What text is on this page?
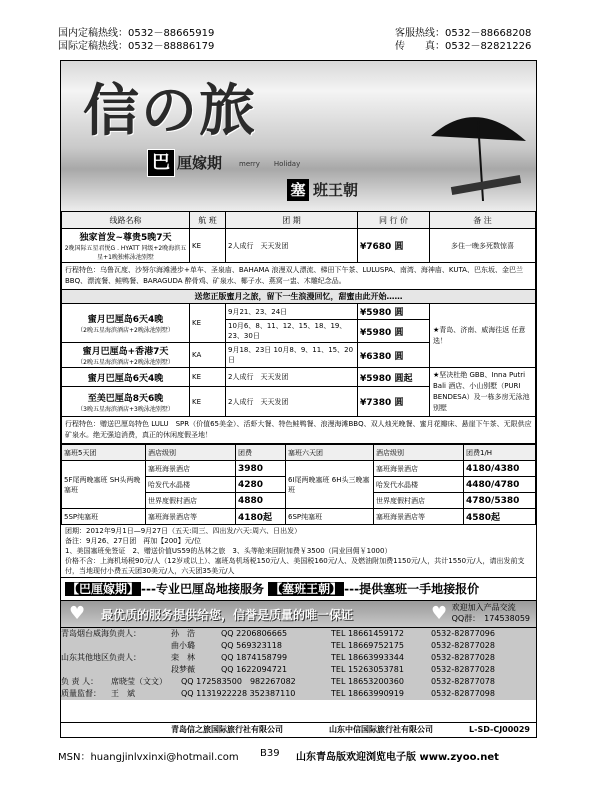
国内定稿热线：0532－88665919
国际定稿热线：0532－88886179
客服热线：0532－88668208
传　　真：0532－82821226
信の旅
巴 厘嫁期 merry　　Holiday
塞 班王朝
线路名称	航 班	团 期	同 行 价	备 注

独家首发~尊贵5晚7天
2晚国际五星君悦G . HYATT 同级+2晚海滨五星+1晚独栋泳池别墅	KE	2人成行　天天发团	¥7680 圆	多住一晚多死数惊喜
行程特色：乌鲁瓦度、沙努尔海滩漫步+单车、圣泉庙、BAHAMA 浪漫双人漂流、梯田下午茶、LULUSPA、南湾、海神庙、KUTA、巴东坂、金巴兰 BBQ、漂流餐、鲑鸭餐、BARAGUDA 醉骨鸡、矿泉水、椰子水、燕窝一盅、木雕纪念品。				
送您正版蜜月之旅，留下一生浪漫回忆，甜蜜由此开始……				

蜜月巴厘岛6天4晚
（2晚五星海滨酒店+2晚泳池别墅）	KE	9月21、23、24日	¥5980 圆	★青岛、济南、威海往返 任意选！
		10月6、8、11、12、15、18、19、23、30日	¥5980 圆	

蜜月巴厘岛+香港7天
（2晚五星海滨酒店+2晚泳池别墅）	KA	9月18、23日 10月8、9、11、15、20日	¥6380 圆	

蜜月巴厘岛6天4晚	KE	2人成行　天天发团	¥5980 圆起	★坚决杜绝 GBB、Inna Putri Bali 酒店、小山别墅（PURI BENDESA）及一栋多房无泳池别墅

至美巴厘岛8天6晚
（3晚五星海滨酒店+3晚泳池别墅）	KE	2人成行　天天发团	¥7380 圆	
行程特色：赠送巴厘岛特色 LULU　SPR（价值65美金）、活虾大餐、特色鲑鸭餐、浪漫海滩BBQ、双人烛光晚餐、蜜月花瓣床、悬崖下午茶、无限供应矿泉水。绝无强迫消费，真正的休闲度假圣地！				
塞班5天团	酒店级别	团费	塞班六天团	酒店级别	团费1/H
5F尾两晚塞班 SH头两晚塞班	塞班海景酒店	3980	6I尾两晚塞班 6H头三晚塞班	塞班海景酒店	4180/4380
	哈发代水晶楼	4280		哈发代水晶楼	4480/4780
	世界度假村酒店	4880		世界度假村酒店	4780/5380
5SP纯塞班	塞班海景酒店等	4180起	6SP纯塞班	塞班海景酒店等	4580起
团期：2012年9月1日—9月27日（五天:周三、四出发/六天:周六、日出发）
备注：9月26、27日团　再加【200】元/位
1、美国塞班免签证　2、赠送价值US59的丛林之旅　3、头等舱来回附加费￥3500（同业回佣￥1000）
价格不含：上海机场税90元/人（12岁或以上）、塞班岛机场税150元/人、美国税160元/人、及燃油附加费1150元/人，共计1550元/人，请出发前支付，当地现付小费五天团30美元/人，六天团35美元/人
【巴厘嫁期】 ---专业巴厘岛地接服务 【塞班王朝】 ---提供塞班一手地接报价
♥ 最优质的服务提供给您，信誉是质量的唯一保证	♥ 欢迎加入产品交流
QQ群：　174538059
青岛烟台威海负责人：	孙　浩	QQ 2206806665	TEL 18661459172	0532-82877096
曲小璐	QQ 569323118	TEL 18669752175	0532-82877028
山东其他地区负责人：	栾　林	QQ 1874158799	TEL 18663993344	0532-82877028
段梦薇	QQ 1622094721	TEL 15263053781	0532-82877028
负 责 人：	席晓莹（文文）	QQ 172583500　982267082	TEL 18653200360	0532-82877078
质量监督：	王　斌	QQ 1131922228 352387110	TEL 18663990919	0532-82877098
青岛信之旅国际旅行社有限公司	山东中信国际旅行社有限公司	L-SD-CJ00029
MSN：huangjinlvxinxi@hotmail.com B39 山东青岛版欢迎浏览电子版 www.zyoo.net
